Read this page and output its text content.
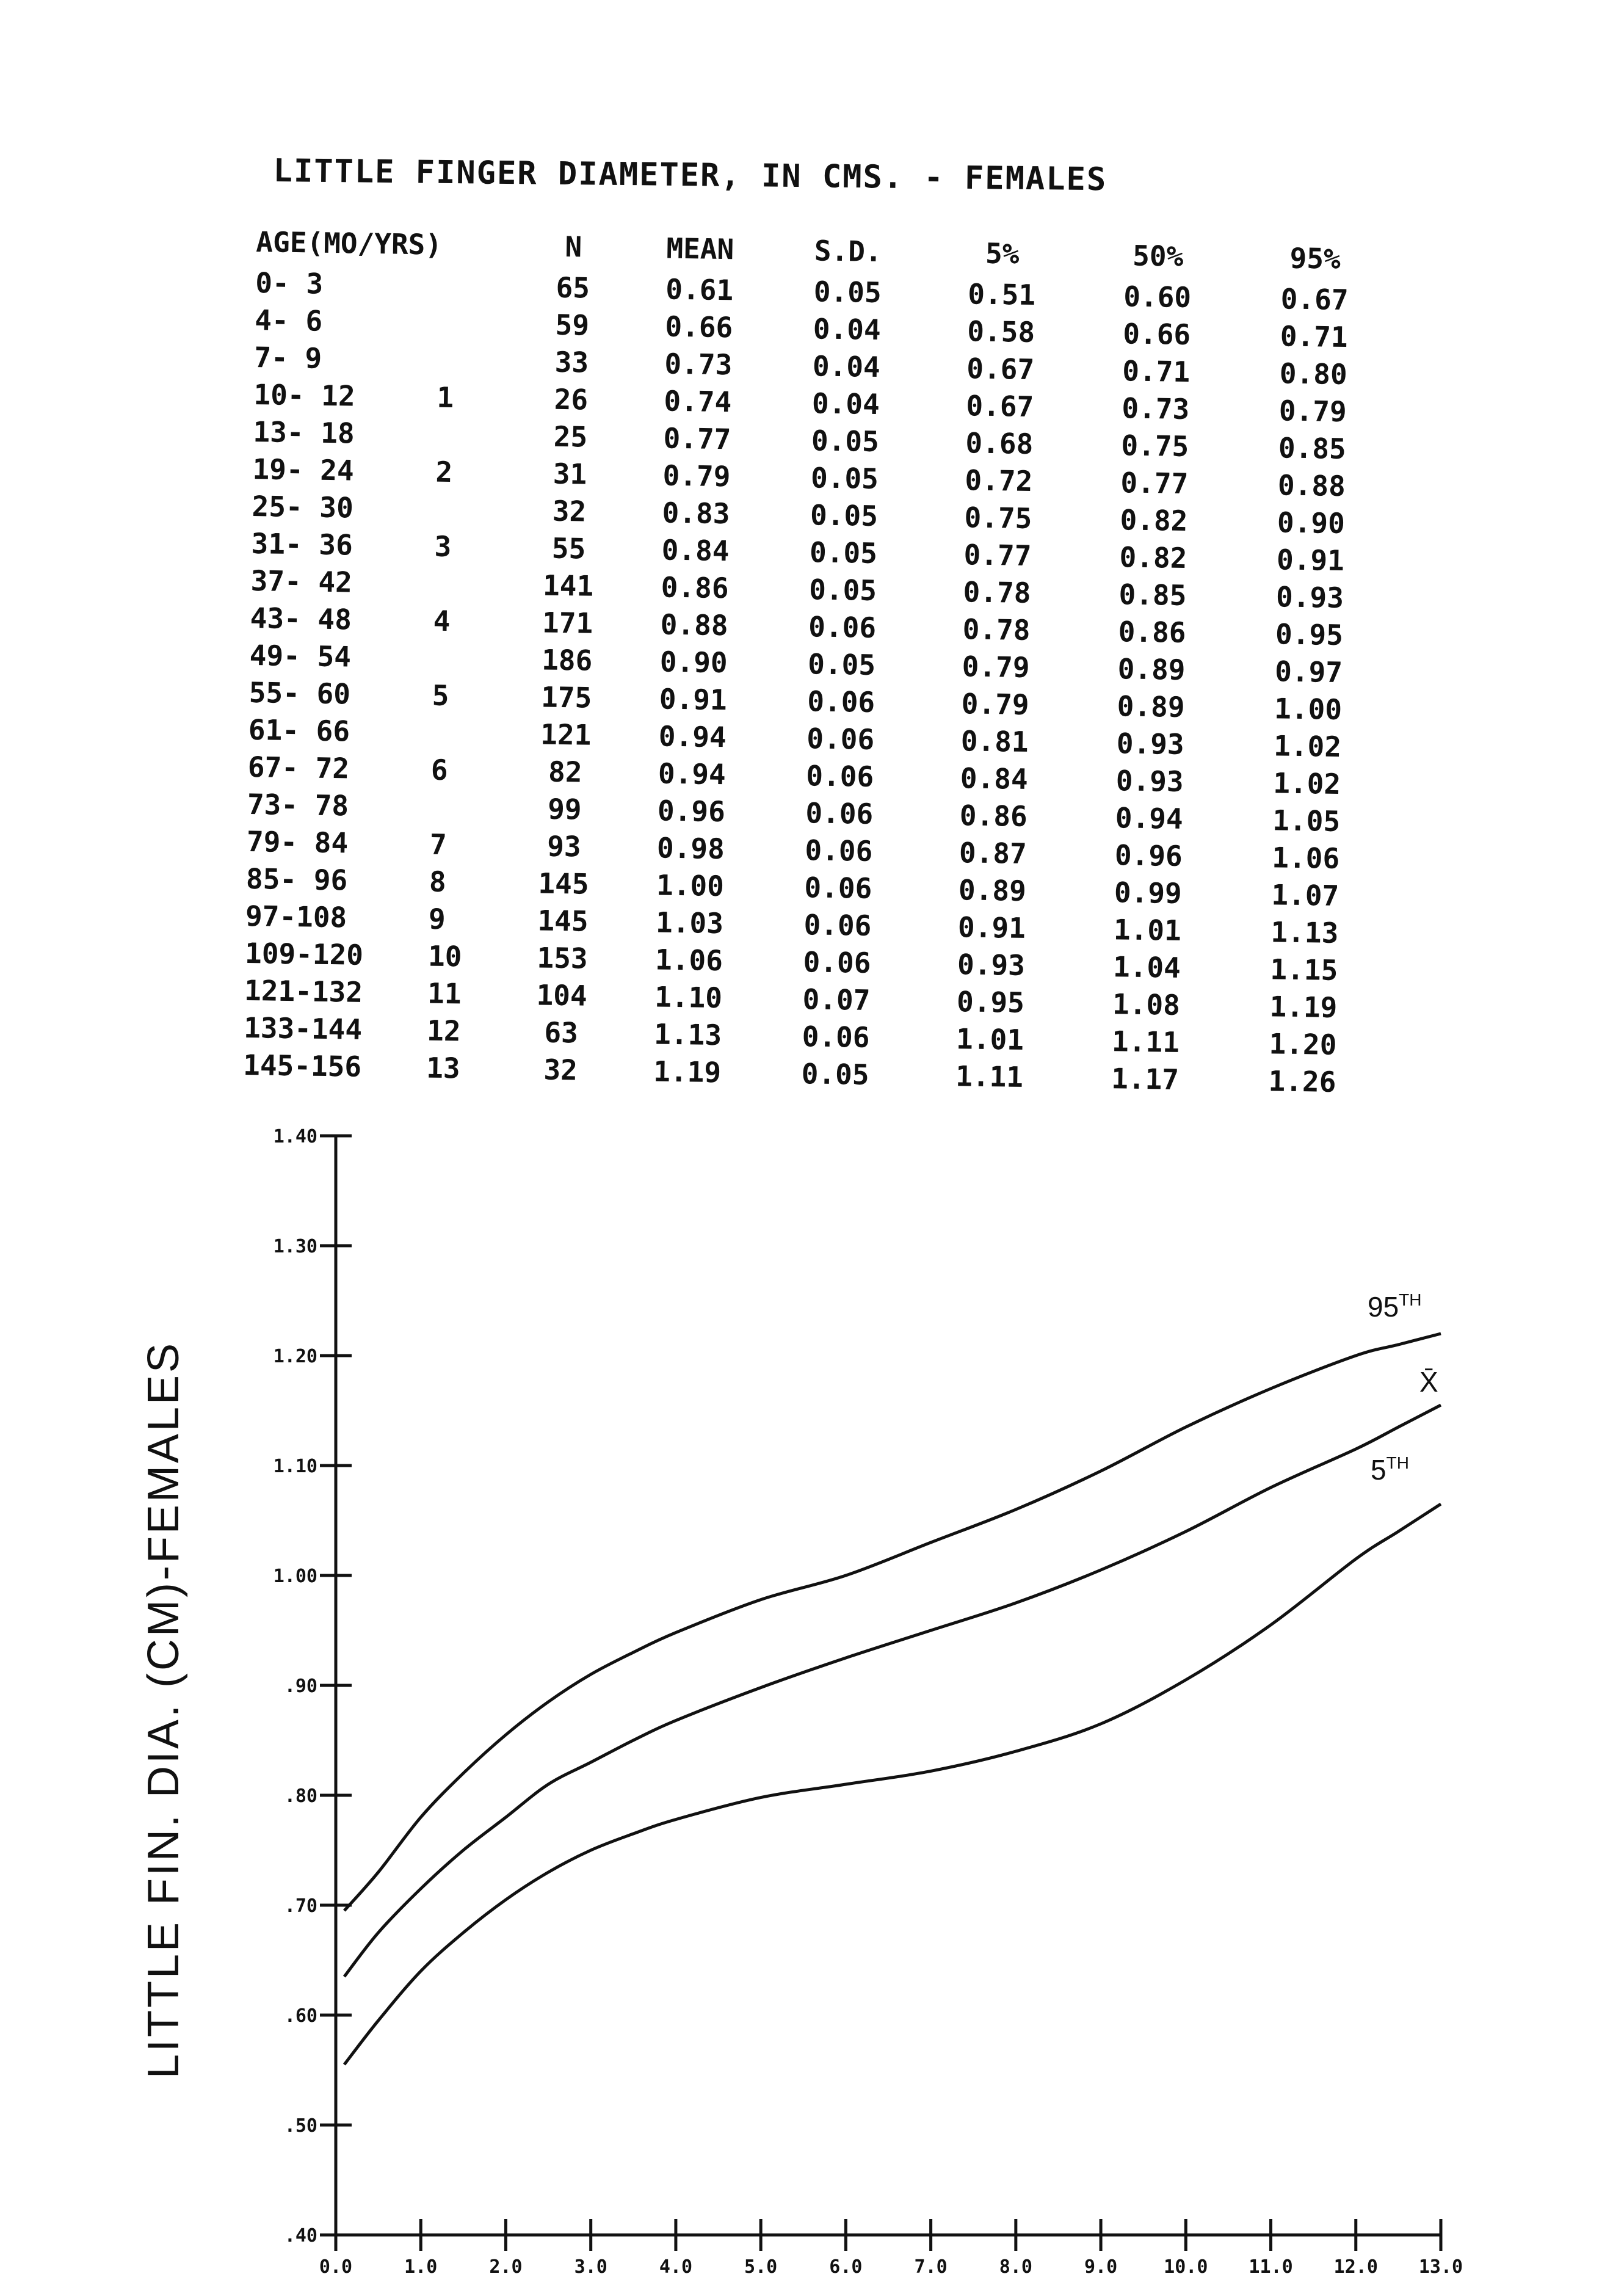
LITTLE FINGER DIAMETER, IN CMS. - FEMALES
AGE(MO/YRS)	N	MEAN	S.D.	5%	50%	95%
0- 3	65	0.61	0.05	0.51	0.60	0.67
4- 6	59	0.66	0.04	0.58	0.66	0.71
7- 9	33	0.73	0.04	0.67	0.71	0.80
10- 12 1	26	0.74	0.04	0.67	0.73	0.79
13- 18	25	0.77	0.05	0.68	0.75	0.85
19- 24 2	31	0.79	0.05	0.72	0.77	0.88
25- 30	32	0.83	0.05	0.75	0.82	0.90
31- 36 3	55	0.84	0.05	0.77	0.82	0.91
37- 42	141	0.86	0.05	0.78	0.85	0.93
43- 48 4	171	0.88	0.06	0.78	0.86	0.95
49- 54	186	0.90	0.05	0.79	0.89	0.97
55- 60 5	175	0.91	0.06	0.79	0.89	1.00
61- 66	121	0.94	0.06	0.81	0.93	1.02
67- 72 6	82	0.94	0.06	0.84	0.93	1.02
73- 78	99	0.96	0.06	0.86	0.94	1.05
79- 84 7	93	0.98	0.06	0.87	0.96	1.06
85- 96 8	145	1.00	0.06	0.89	0.99	1.07
97-108 9	145	1.03	0.06	0.91	1.01	1.13
109-120 10	153	1.06	0.06	0.93	1.04	1.15
121-132 11	104	1.10	0.07	0.95	1.08	1.19
133-144 12	63	1.13	0.06	1.01	1.11	1.20
145-156 13	32	1.19	0.05	1.11	1.17	1.26
.40
.50
.60
.70
.80
.90
1.00
1.10
1.20
1.30
1.40
0.0	1.0	2.0	3.0	4.0	5.0	6.0	7.0	8.0	9.0	10.0 11.0 12.0 13.0
95TH
X̄
5TH
LITTLE FIN. DIA. (CM)-FEMALES
